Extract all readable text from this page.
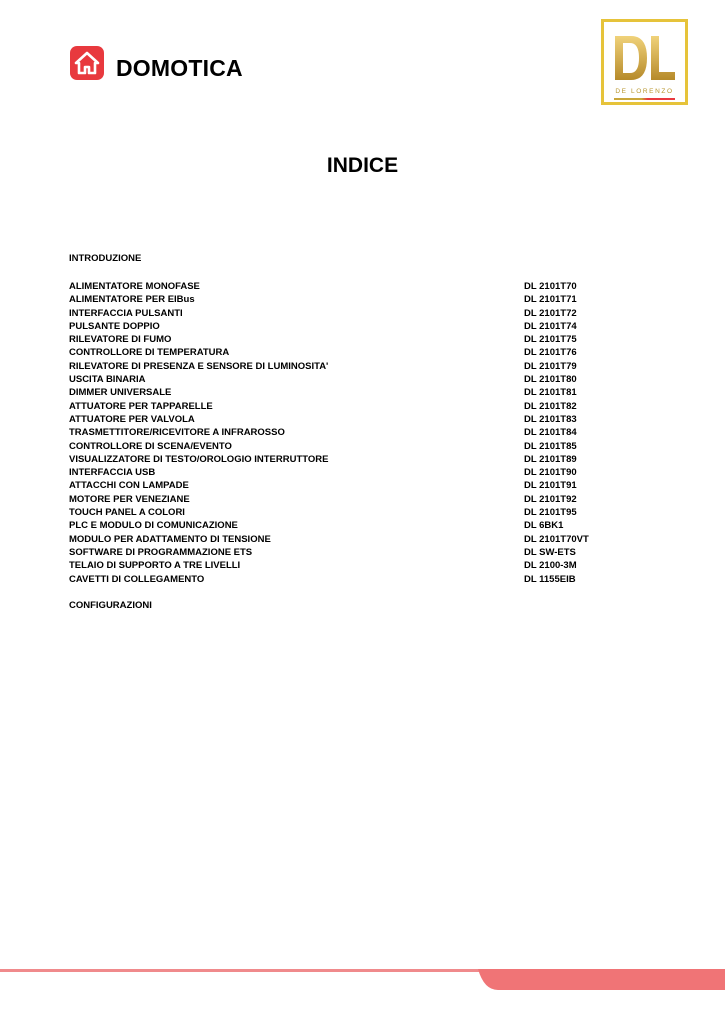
DOMOTICA
DE LORENZO
INDICE
INTRODUZIONE
ALIMENTATORE MONOFASE	DL 2101T70
ALIMENTATORE PER EIBus	DL 2101T71
INTERFACCIA PULSANTI	DL 2101T72
PULSANTE DOPPIO	DL 2101T74
RILEVATORE DI FUMO	DL 2101T75
CONTROLLORE DI TEMPERATURA	DL 2101T76
RILEVATORE DI PRESENZA E SENSORE DI LUMINOSITA'	DL 2101T79
USCITA BINARIA	DL 2101T80
DIMMER UNIVERSALE	DL 2101T81
ATTUATORE PER TAPPARELLE	DL 2101T82
ATTUATORE PER VALVOLA	DL 2101T83
TRASMETTITORE/RICEVITORE A INFRAROSSO	DL 2101T84
CONTROLLORE DI SCENA/EVENTO	DL 2101T85
VISUALIZZATORE DI TESTO/OROLOGIO INTERRUTTORE	DL 2101T89
INTERFACCIA USB	DL 2101T90
ATTACCHI CON LAMPADE	DL 2101T91
MOTORE PER VENEZIANE	DL 2101T92
TOUCH PANEL A COLORI	DL 2101T95
PLC E MODULO DI COMUNICAZIONE	DL 6BK1
MODULO PER ADATTAMENTO DI TENSIONE	DL 2101T70VT
SOFTWARE DI PROGRAMMAZIONE ETS	DL SW-ETS
TELAIO DI SUPPORTO A TRE LIVELLI	DL 2100-3M
CAVETTI DI COLLEGAMENTO	DL 1155EIB
CONFIGURAZIONI
